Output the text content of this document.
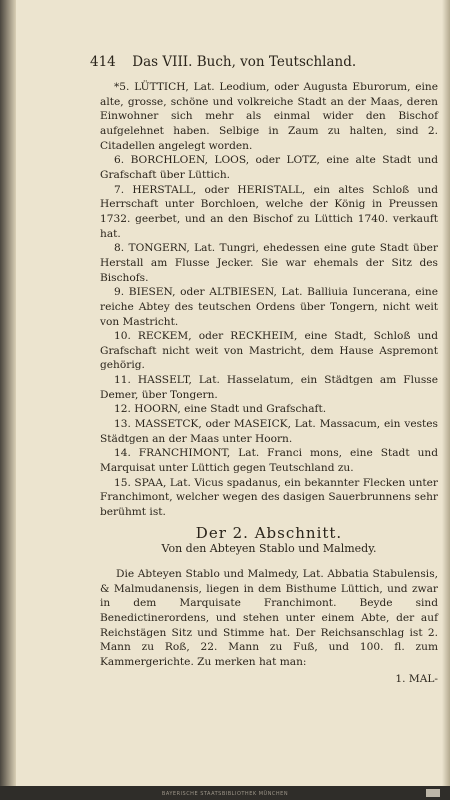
414 Das VIII. Buch, von Teutschland.

*5. LÜTTICH, Lat. Leodium, oder Augusta Eburorum, eine alte, grosse, schöne und volkreiche Stadt an der Maas, deren Einwohner sich mehr als einmal wider den Bischof aufgelehnet haben. Selbige in Zaum zu halten, sind 2. Citadellen angelegt worden.

6. BORCHLOEN, LOOS, oder LOTZ, eine alte Stadt und Grafschaft über Lüttich.

7. HERSTALL, oder HERISTALL, ein altes Schloß und Herrschaft unter Borchloen, welche der König in Preussen 1732. geerbet, und an den Bischof zu Lüttich 1740. verkauft hat.

8. TONGERN, Lat. Tungri, ehedessen eine gute Stadt über Herstall am Flusse Jecker. Sie war ehemals der Sitz des Bischofs.

9. BIESEN, oder ALTBIESEN, Lat. Balliuia Iuncerana, eine reiche Abtey des teutschen Ordens über Tongern, nicht weit von Mastricht.

10. RECKEM, oder RECKHEIM, eine Stadt, Schloß und Grafschaft nicht weit von Mastricht, dem Hause Aspremont gehörig.

11. HASSELT, Lat. Hasselatum, ein Städtgen am Flusse Demer, über Tongern.

12. HOORN, eine Stadt und Grafschaft.

13. MASSETCK, oder MASEICK, Lat. Massacum, ein vestes Städtgen an der Maas unter Hoorn.

14. FRANCHIMONT, Lat. Franci mons, eine Stadt und Marquisat unter Lüttich gegen Teutschland zu.

15. SPAA, Lat. Vicus spadanus, ein bekannter Flecken unter Franchimont, welcher wegen des dasigen Sauerbrunnens sehr berühmt ist.

Der 2. Abschnitt.
Von den Abteyen Stablo und Malmedy.

Die Abteyen Stablo und Malmedy, Lat. Abbatia Stabulensis, & Malmudanensis, liegen in dem Bisthume Lüttich, und zwar in dem Marquisate Franchimont. Beyde sind Benedictinerordens, und stehen unter einem Abte, der auf Reichstägen Sitz und Stimme hat. Der Reichsanschlag ist 2. Mann zu Roß, 22. Mann zu Fuß, und 100. fl. zum Kammergerichte. Zu merken hat man:

1. MAL-
BAYERISCHE STAATSBIBLIOTHEK MÜNCHEN
